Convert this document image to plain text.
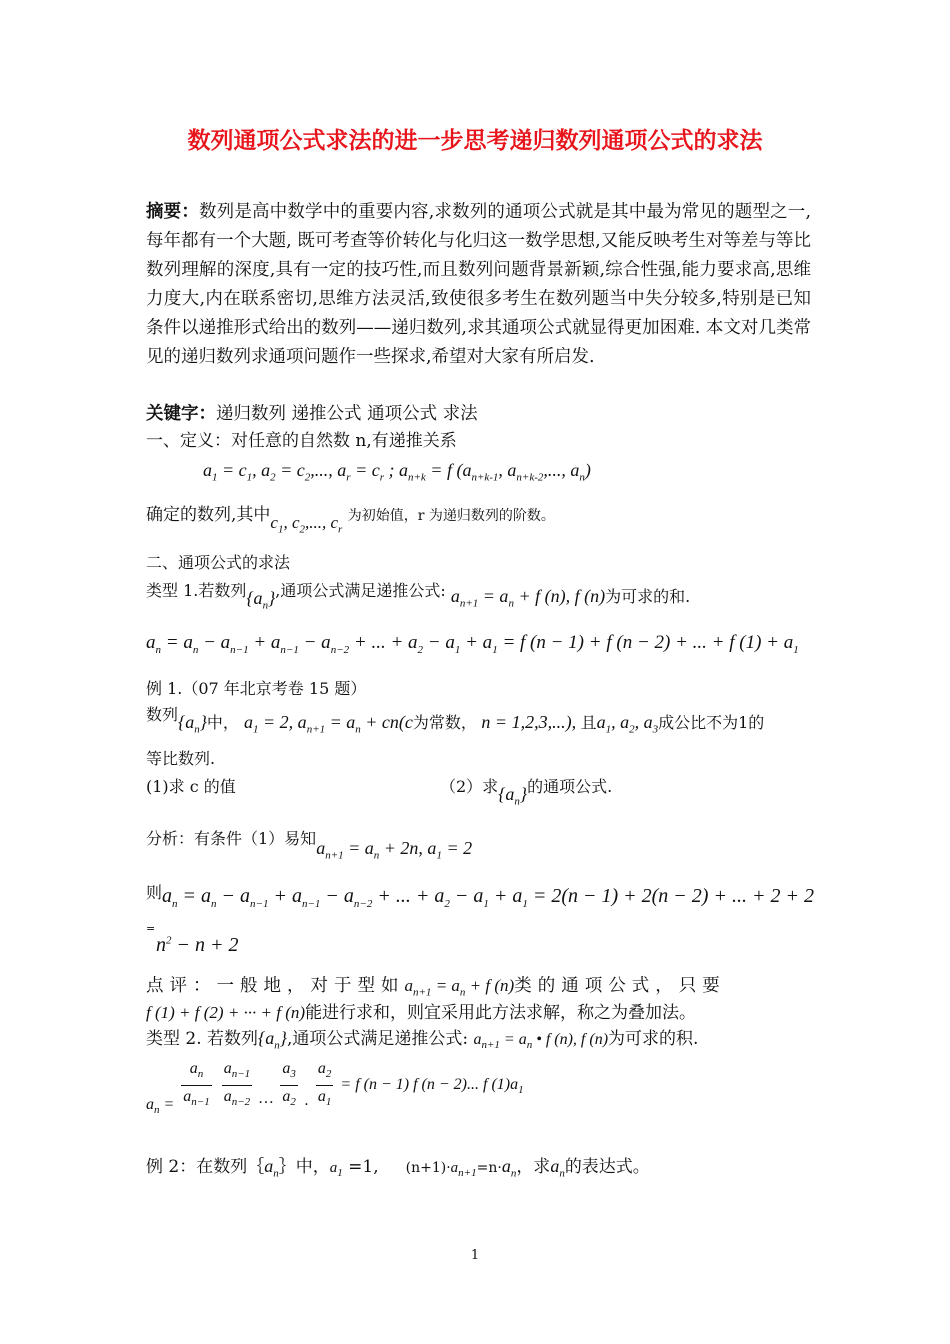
数列通项公式求法的进一步思考递归数列通项公式的求法
摘要：数列是高中数学中的重要内容,求数列的通项公式就是其中最为常见的题型之一,每年都有一个大题, 既可考查等价转化与化归这一数学思想,又能反映考生对等差与等比数列理解的深度,具有一定的技巧性,而且数列问题背景新颖,综合性强,能力要求高,思维力度大,内在联系密切,思维方法灵活,致使很多考生在数列题当中失分较多,特别是已知条件以递推形式给出的数列——递归数列,求其通项公式就显得更加困难. 本文对几类常见的递归数列求通项问题作一些探求,希望对大家有所启发.
关键字：递归数列 递推公式 通项公式 求法
一、定义：对任意的自然数 n,有递推关系
$a_1 = c_1$, $a_2 = c_2$,..., $a_r = c_r$ ; $a_{n+k} = f$ ($a_{n+k-1}$, $a_{n+k-2}$,..., $a_n$)
确定的数列,其中$c_1$, $c_2$,..., $c_r$ 为初始值，r 为递归数列的阶数。
二、通项公式的求法
类型 1.若数列$\{a_n\}$,通项公式满足递推公式: $a_{n+1} = a_n + f$ (n), f (n)为可求的和.
$a_n = a_n - a_{n-1} + a_{n-1} - a_{n-2}$ + ... + $a_2 - a_1 + a_1 = f$ (n − 1) + f (n − 2) + ... + f $(1) + a_1$
例 1.（07 年北京考卷 15 题）
数列$\{a_n\}$中， $a_1 = 2$, $a_{n+1} = a_n + cn(c$为常数， n = 1,2,3,...), 且$a_1$, $a_2$, $a_3$成公比不为1的
等比数列.
(1)求 c 的值	（2）求$\{a_n\}$的通项公式.
分析：有条件（1）易知$a_{n+1} = a_n + 2n$, $a_1 = 2$
则$a_n = a_n - a_{n-1} + a_{n-1} - a_{n-2}$ + ... + $a_2 - a_1 + a_1 = 2(n - 1) + 2(n - 2)$ + ... + 2 + 2
=
$n^2 - n + 2$
点评：一般地，对于型如$a_{n+1} = a_n + f$ (n)类的通项公式，只要
f (1) + f (2) + ··· + f (n)能进行求和，则宜采用此方法求解，称之为叠加法。
类型 2. 若数列$\{a_n\}$,通项公式满足递推公式: $a_{n+1} = a_n$ • f (n), f (n)为可求的积.
$a_n = \frac{a_n}{a_{n-1}}$
$\frac{a_{n-1}}{a_{n-2}}$ … $\frac{a_3}{a_2}$ . $\frac{a_2}{a_1} = f$ (n − 1) f (n − 2)... f $(1)a_1$
例 2：在数列$\{a_n\}$中，$a_1 =1$, $(n+1)\cdot a_{n+1}=n\cdot a_n$，求$a_n$的表达式。
1
